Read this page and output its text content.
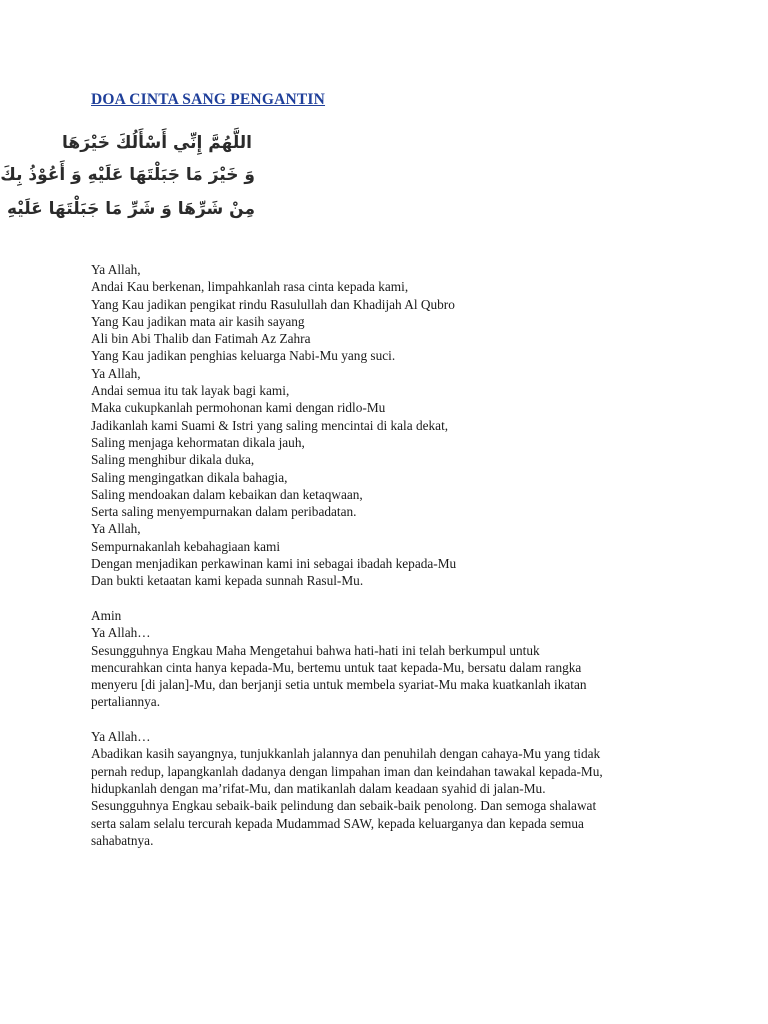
DOA CINTA SANG PENGANTIN
اللَّهُمَّ إِنِّي أَسْأَلُكَ خَيْرَهَا
وَ خَيْرَ مَا جَبَلْتَهَا عَلَيْهِ وَ أَعُوْذُ بِكَ
مِنْ شَرِّهَا وَ شَرِّ مَا جَبَلْتَهَا عَلَيْهِ
Ya Allah,
Andai Kau berkenan, limpahkanlah rasa cinta kepada kami,
Yang Kau jadikan pengikat rindu Rasulullah dan Khadijah Al Qubro
Yang Kau jadikan mata air kasih sayang
Ali bin Abi Thalib dan Fatimah Az Zahra
Yang Kau jadikan penghias keluarga Nabi-Mu yang suci.
Ya Allah,
Andai semua itu tak layak bagi kami,
Maka cukupkanlah permohonan kami dengan ridlo-Mu
Jadikanlah kami Suami & Istri yang saling mencintai di kala dekat,
Saling menjaga kehormatan dikala jauh,
Saling menghibur dikala duka,
Saling mengingatkan dikala bahagia,
Saling mendoakan dalam kebaikan dan ketaqwaan,
Serta saling menyempurnakan dalam peribadatan.
Ya Allah,
Sempurnakanlah kebahagiaan kami
Dengan menjadikan perkawinan kami ini sebagai ibadah kepada-Mu
Dan bukti ketaatan kami kepada sunnah Rasul-Mu.
Amin
Ya Allah…
Sesungguhnya Engkau Maha Mengetahui bahwa hati-hati ini telah berkumpul untuk
mencurahkan cinta hanya kepada-Mu, bertemu untuk taat kepada-Mu, bersatu dalam rangka
menyeru [di jalan]-Mu, dan berjanji setia untuk membela syariat-Mu maka kuatkanlah ikatan
pertaliannya.
Ya Allah…
Abadikan kasih sayangnya, tunjukkanlah jalannya dan penuhilah dengan cahaya-Mu yang tidak
pernah redup, lapangkanlah dadanya dengan limpahan iman dan keindahan tawakal kepada-Mu,
hidupkanlah dengan ma’rifat-Mu, dan matikanlah dalam keadaan syahid di jalan-Mu.
Sesungguhnya Engkau sebaik-baik pelindung dan sebaik-baik penolong. Dan semoga shalawat
serta salam selalu tercurah kepada Mudammad SAW, kepada keluarganya dan kepada semua
sahabatnya.
